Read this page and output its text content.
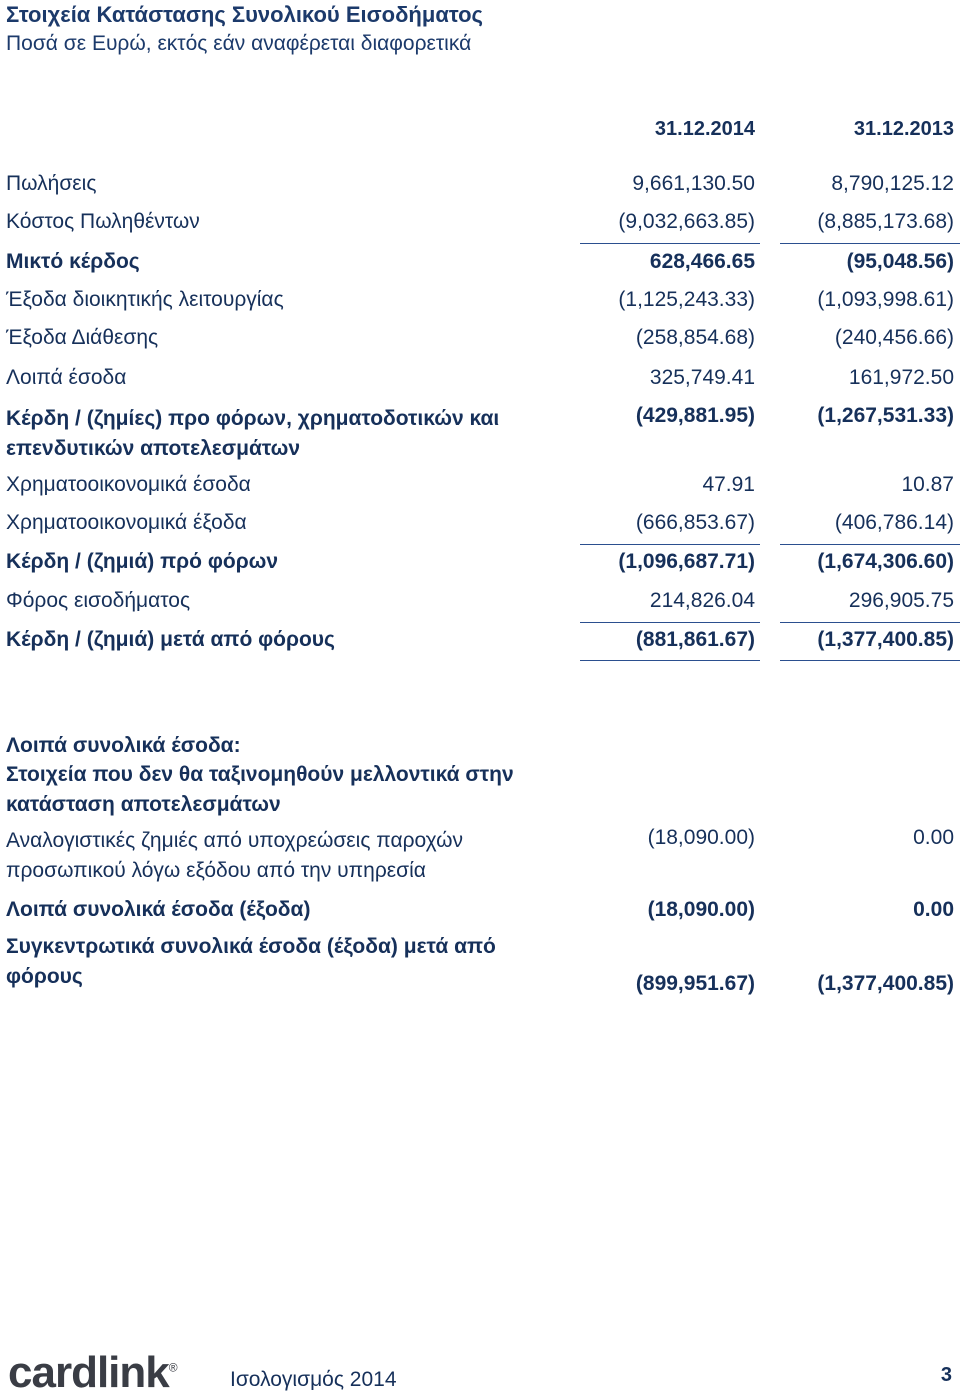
Στοιχεία Κατάστασης Συνολικού Εισοδήματος
Ποσά σε Ευρώ, εκτός εάν αναφέρεται διαφορετικά
31.12.2014	31.12.2013
Πωλήσεις	9,661,130.50	8,790,125.12
Κόστος Πωληθέντων	(9,032,663.85)	(8,885,173.68)
Μικτό κέρδος	628,466.65	(95,048.56)
Έξοδα διοικητικής λειτουργίας	(1,125,243.33)	(1,093,998.61)
Έξοδα Διάθεσης	(258,854.68)	(240,456.66)
Λοιπά έσοδα	325,749.41	161,972.50
Κέρδη / (ζημίες) προ φόρων, χρηματοδοτικών και
επενδυτικών αποτελεσμάτων
(429,881.95)	(1,267,531.33)
Χρηματοοικονομικά έσοδα	47.91	10.87
Χρηματοοικονομικά έξοδα	(666,853.67)	(406,786.14)
Κέρδη / (ζημιά) πρό φόρων	(1,096,687.71)	(1,674,306.60)
Φόρος εισοδήματος	214,826.04	296,905.75
Κέρδη / (ζημιά) μετά από φόρους	(881,861.67)	(1,377,400.85)
Λοιπά συνολικά έσοδα:
Στοιχεία που δεν θα ταξινομηθούν μελλοντικά στην
κατάσταση αποτελεσμάτων
Αναλογιστικές ζημιές από υποχρεώσεις παροχών
προσωπικού λόγω εξόδου από την υπηρεσία
(18,090.00)	0.00
Λοιπά συνολικά έσοδα (έξοδα)	(18,090.00)	0.00
Συγκεντρωτικά συνολικά έσοδα (έξοδα) μετά από
φόρους	(899,951.67)	(1,377,400.85)
cardlink®
Ισολογισμός 2014	3
